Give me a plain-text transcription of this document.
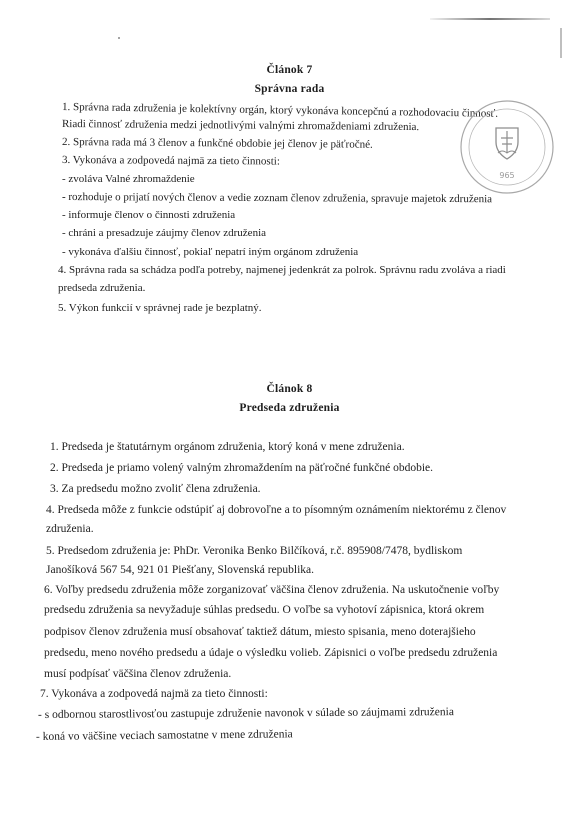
Článok 7
Správna rada
1. Správna rada združenia je kolektívny orgán, ktorý vykonáva koncepčnú a rozhodovaciu činnosť.
Riadi činnosť združenia medzi jednotlivými valnými zhromaždeniami združenia.
2. Správna rada má 3 členov a funkčné obdobie jej členov je päťročné.
3. Vykonáva a zodpovedá najmä za tieto činnosti:
- zvoláva Valné zhromaždenie
- rozhoduje o prijatí nových členov a vedie zoznam členov združenia, spravuje majetok združenia
- informuje členov o činnosti združenia
- chráni a presadzuje záujmy členov združenia
- vykonáva ďalšiu činnosť, pokiaľ nepatrí iným orgánom združenia
4. Správna rada sa schádza podľa potreby, najmenej jedenkrát za polrok. Správnu radu zvoláva a riadi
predseda združenia.
5. Výkon funkcií v správnej rade je bezplatný.
965
Článok 8
Predseda združenia
1. Predseda je štatutárnym orgánom združenia, ktorý koná v mene združenia.
2. Predseda je priamo volený valným zhromaždením na päťročné funkčné obdobie.
3. Za predsedu možno zvoliť člena združenia.
4. Predseda môže z funkcie odstúpiť aj dobrovoľne a to písomným oznámením niektorému z členov
združenia.
5. Predsedom združenia je: PhDr. Veronika Benko Bilčíková, r.č. 895908/7478, bydliskom
Janošíková 567 54, 921 01 Piešťany, Slovenská republika.
6. Voľby predsedu združenia môže zorganizovať väčšina členov združenia. Na uskutočnenie voľby
predsedu združenia sa nevyžaduje súhlas predsedu. O voľbe sa vyhotoví zápisnica, ktorá okrem
podpisov členov združenia musí obsahovať taktiež dátum, miesto spisania, meno doterajšieho
predsedu, meno nového predsedu a údaje o výsledku volieb. Zápisnici o voľbe predsedu združenia
musí podpísať väčšina členov združenia.
7. Vykonáva a zodpovedá najmä za tieto činnosti:
- s odbornou starostlivosťou zastupuje združenie navonok v súlade so záujmami združenia
- koná vo väčšine veciach samostatne v mene združenia
